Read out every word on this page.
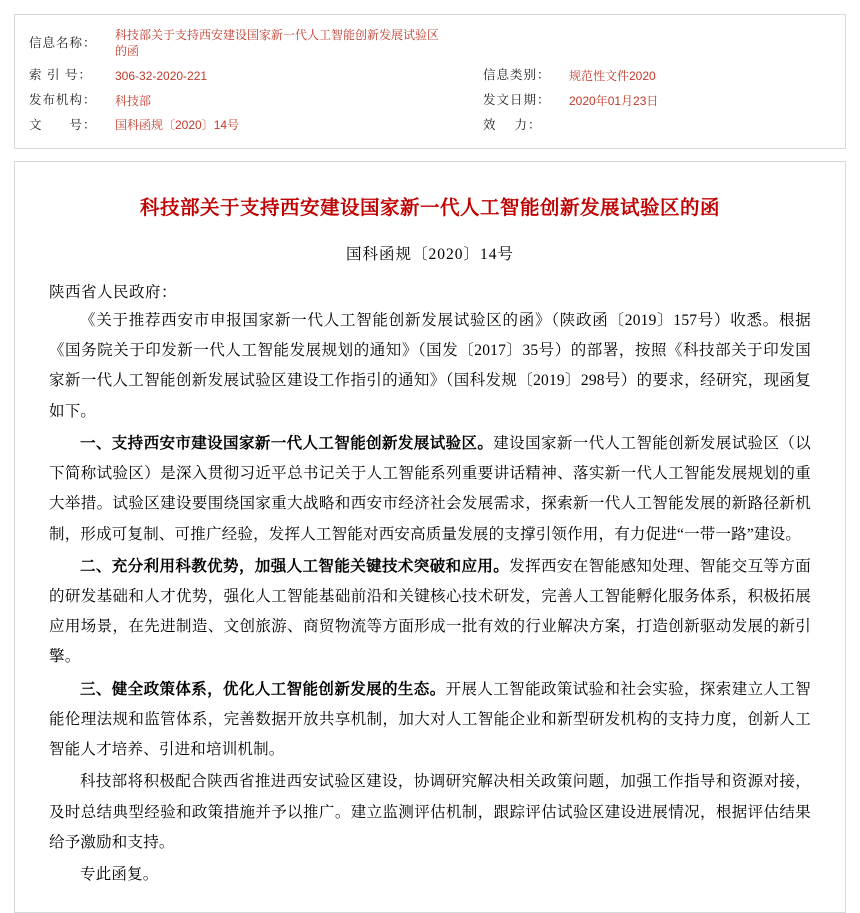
信息名称：	科技部关于支持西安建设国家新一代人工智能创新发展试验区的函			
索 引 号：	306-32-2020-221		信息类别：	规范性文件2020
发布机构：	科技部		发文日期：	2020年01月23日
文　　号：	国科函规〔2020〕14号		效　 力：	
科技部关于支持西安建设国家新一代人工智能创新发展试验区的函
国科函规〔2020〕14号
陕西省人民政府：

《关于推荐西安市申报国家新一代人工智能创新发展试验区的函》（陕政函〔2019〕157号）收悉。根据《国务院关于印发新一代人工智能发展规划的通知》（国发〔2017〕35号）的部署，按照《科技部关于印发国家新一代人工智能创新发展试验区建设工作指引的通知》（国科发规〔2019〕298号）的要求，经研究，现函复如下。

一、支持西安市建设国家新一代人工智能创新发展试验区。建设国家新一代人工智能创新发展试验区（以下简称试验区）是深入贯彻习近平总书记关于人工智能系列重要讲话精神、落实新一代人工智能发展规划的重大举措。试验区建设要围绕国家重大战略和西安市经济社会发展需求，探索新一代人工智能发展的新路径新机制，形成可复制、可推广经验，发挥人工智能对西安高质量发展的支撑引领作用，有力促进“一带一路”建设。

二、充分利用科教优势，加强人工智能关键技术突破和应用。发挥西安在智能感知处理、智能交互等方面的研发基础和人才优势，强化人工智能基础前沿和关键核心技术研发，完善人工智能孵化服务体系，积极拓展应用场景，在先进制造、文创旅游、商贸物流等方面形成一批有效的行业解决方案，打造创新驱动发展的新引擎。

三、健全政策体系，优化人工智能创新发展的生态。开展人工智能政策试验和社会实验，探索建立人工智能伦理法规和监管体系，完善数据开放共享机制，加大对人工智能企业和新型研发机构的支持力度，创新人工智能人才培养、引进和培训机制。

科技部将积极配合陕西省推进西安试验区建设，协调研究解决相关政策问题，加强工作指导和资源对接，及时总结典型经验和政策措施并予以推广。建立监测评估机制，跟踪评估试验区建设进展情况，根据评估结果给予激励和支持。

专此函复。
